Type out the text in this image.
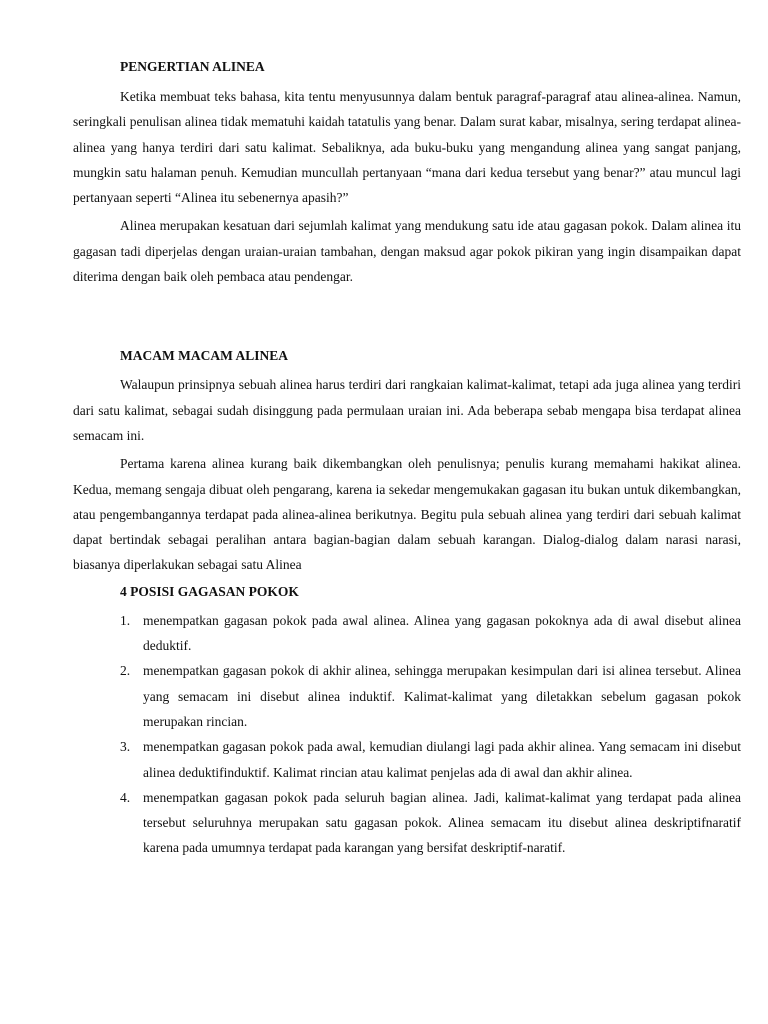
PENGERTIAN ALINEA

Ketika membuat teks bahasa, kita tentu menyusunnya dalam bentuk paragraf-paragraf atau alinea-alinea. Namun, seringkali penulisan alinea tidak mematuhi kaidah tatatulis yang benar. Dalam surat kabar, misalnya, sering terdapat alinea-alinea yang hanya terdiri dari satu kalimat. Sebaliknya, ada buku-buku yang mengandung alinea yang sangat panjang, mungkin satu halaman penuh. Kemudian muncullah pertanyaan “mana dari kedua tersebut yang benar?” atau muncul lagi pertanyaan seperti “Alinea itu sebenernya apasih?”

Alinea merupakan kesatuan dari sejumlah kalimat yang mendukung satu ide atau gagasan pokok. Dalam alinea itu gagasan tadi diperjelas dengan uraian-uraian tambahan, dengan maksud agar pokok pikiran yang ingin disampaikan dapat diterima dengan baik oleh pembaca atau pendengar.

MACAM MACAM ALINEA

Walaupun prinsipnya sebuah alinea harus terdiri dari rangkaian kalimat-kalimat, tetapi ada juga alinea yang terdiri dari satu kalimat, sebagai sudah disinggung pada permulaan uraian ini. Ada beberapa sebab mengapa bisa terdapat alinea semacam ini.

Pertama karena alinea kurang baik dikembangkan oleh penulisnya; penulis kurang memahami hakikat alinea. Kedua, memang sengaja dibuat oleh pengarang, karena ia sekedar mengemukakan gagasan itu bukan untuk dikembangkan, atau pengembangannya terdapat pada alinea-alinea berikutnya. Begitu pula sebuah alinea yang terdiri dari sebuah kalimat dapat bertindak sebagai peralihan antara bagian-bagian dalam sebuah karangan. Dialog-dialog dalam narasi narasi, biasanya diperlakukan sebagai satu Alinea

4 POSISI GAGASAN POKOK
1. menempatkan gagasan pokok pada awal alinea. Alinea yang gagasan pokoknya ada di awal disebut alinea deduktif.
2. menempatkan gagasan pokok di akhir alinea, sehingga merupakan kesimpulan dari isi alinea tersebut. Alinea yang semacam ini disebut alinea induktif. Kalimat-kalimat yang diletakkan sebelum gagasan pokok merupakan rincian.
3. menempatkan gagasan pokok pada awal, kemudian diulangi lagi pada akhir alinea. Yang semacam ini disebut alinea deduktifinduktif. Kalimat rincian atau kalimat penjelas ada di awal dan akhir alinea.
4. menempatkan gagasan pokok pada seluruh bagian alinea. Jadi, kalimat-kalimat yang terdapat pada alinea tersebut seluruhnya merupakan satu gagasan pokok. Alinea semacam itu disebut alinea deskriptifnaratif karena pada umumnya terdapat pada karangan yang bersifat deskriptif-naratif.
